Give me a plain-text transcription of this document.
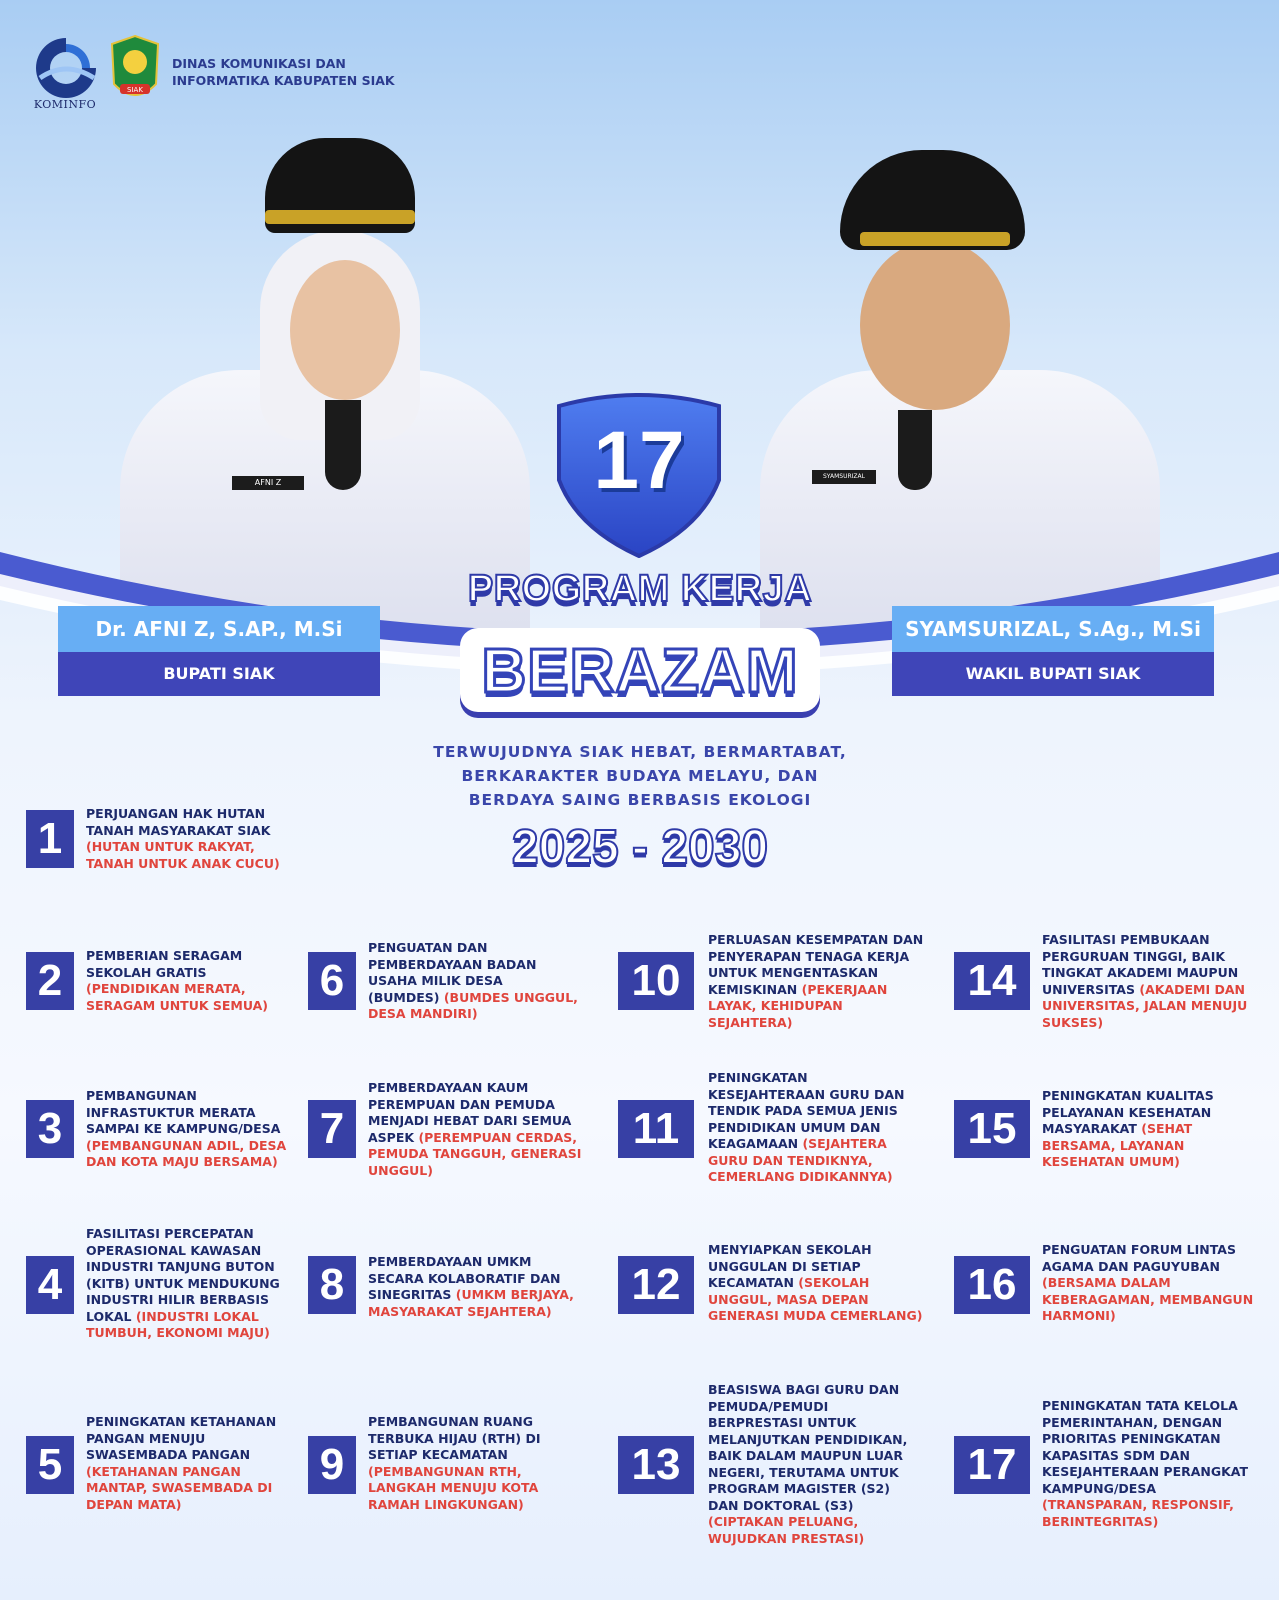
KOMINFO
SIAK
DINAS KOMUNIKASI DAN
INFORMATIKA KABUPATEN SIAK
AFNI Z
SYAMSURIZAL
Dr. AFNI Z, S.AP., M.Si
BUPATI SIAK
SYAMSURIZAL, S.Ag., M.Si
WAKIL BUPATI SIAK
17
PROGRAM KERJA
BERAZAM
TERWUJUDNYA SIAK HEBAT, BERMARTABAT,
BERKARAKTER BUDAYA MELAYU, DAN
BERDAYA SAING BERBASIS EKOLOGI
2025 - 2030
1
PERJUANGAN HAK HUTAN TANAH MASYARAKAT SIAK (HUTAN UNTUK RAKYAT, TANAH UNTUK ANAK CUCU)
2
PEMBERIAN SERAGAM SEKOLAH GRATIS (PENDIDIKAN MERATA, SERAGAM UNTUK SEMUA)
3
PEMBANGUNAN INFRASTUKTUR MERATA SAMPAI KE KAMPUNG/DESA (PEMBANGUNAN ADIL, DESA DAN KOTA MAJU BERSAMA)
4
FASILITASI PERCEPATAN OPERASIONAL KAWASAN INDUSTRI TANJUNG BUTON (KITB) UNTUK MENDUKUNG INDUSTRI HILIR BERBASIS LOKAL (INDUSTRI LOKAL TUMBUH, EKONOMI MAJU)
5
PENINGKATAN KETAHANAN PANGAN MENUJU SWASEMBADA PANGAN (KETAHANAN PANGAN MANTAP, SWASEMBADA DI DEPAN MATA)
6
PENGUATAN DAN PEMBERDAYAAN BADAN USAHA MILIK DESA (BUMDES) (BUMDES UNGGUL, DESA MANDIRI)
7
PEMBERDAYAAN KAUM PEREMPUAN DAN PEMUDA MENJADI HEBAT DARI SEMUA ASPEK (PEREMPUAN CERDAS, PEMUDA TANGGUH, GENERASI UNGGUL)
8	PEMBERDAYAAN UMKM SECARA KOLABORATIF DAN SINEGRITAS (UMKM BERJAYA, MASYARAKAT SEJAHTERA)
9
PEMBANGUNAN RUANG TERBUKA HIJAU (RTH) DI SETIAP KECAMATAN (PEMBANGUNAN RTH, LANGKAH MENUJU KOTA RAMAH LINGKUNGAN)
10
PERLUASAN KESEMPATAN DAN PENYERAPAN TENAGA KERJA UNTUK MENGENTASKAN KEMISKINAN (PEKERJAAN LAYAK, KEHIDUPAN SEJAHTERA)
11
PENINGKATAN KESEJAHTERAAN GURU DAN TENDIK PADA SEMUA JENIS PENDIDIKAN UMUM DAN KEAGAMAAN (SEJAHTERA GURU DAN TENDIKNYA, CEMERLANG DIDIKANNYA)
12
MENYIAPKAN SEKOLAH UNGGULAN DI SETIAP KECAMATAN (SEKOLAH UNGGUL, MASA DEPAN GENERASI MUDA CEMERLANG)
13
BEASISWA BAGI GURU DAN PEMUDA/PEMUDI BERPRESTASI UNTUK MELANJUTKAN PENDIDIKAN, BAIK DALAM MAUPUN LUAR NEGERI, TERUTAMA UNTUK PROGRAM MAGISTER (S2) DAN DOKTORAL (S3) (CIPTAKAN PELUANG, WUJUDKAN PRESTASI)
14
FASILITASI PEMBUKAAN PERGURUAN TINGGI, BAIK TINGKAT AKADEMI MAUPUN UNIVERSITAS (AKADEMI DAN UNIVERSITAS, JALAN MENUJU SUKSES)
15
PENINGKATAN KUALITAS PELAYANAN KESEHATAN MASYARAKAT (SEHAT BERSAMA, LAYANAN KESEHATAN UMUM)
16
PENGUATAN FORUM LINTAS AGAMA DAN PAGUYUBAN (BERSAMA DALAM KEBERAGAMAN, MEMBANGUN HARMONI)
17
PENINGKATAN TATA KELOLA PEMERINTAHAN, DENGAN PRIORITAS PENINGKATAN KAPASITAS SDM DAN KESEJAHTERAAN PERANGKAT KAMPUNG/DESA (TRANSPARAN, RESPONSIF, BERINTEGRITAS)
